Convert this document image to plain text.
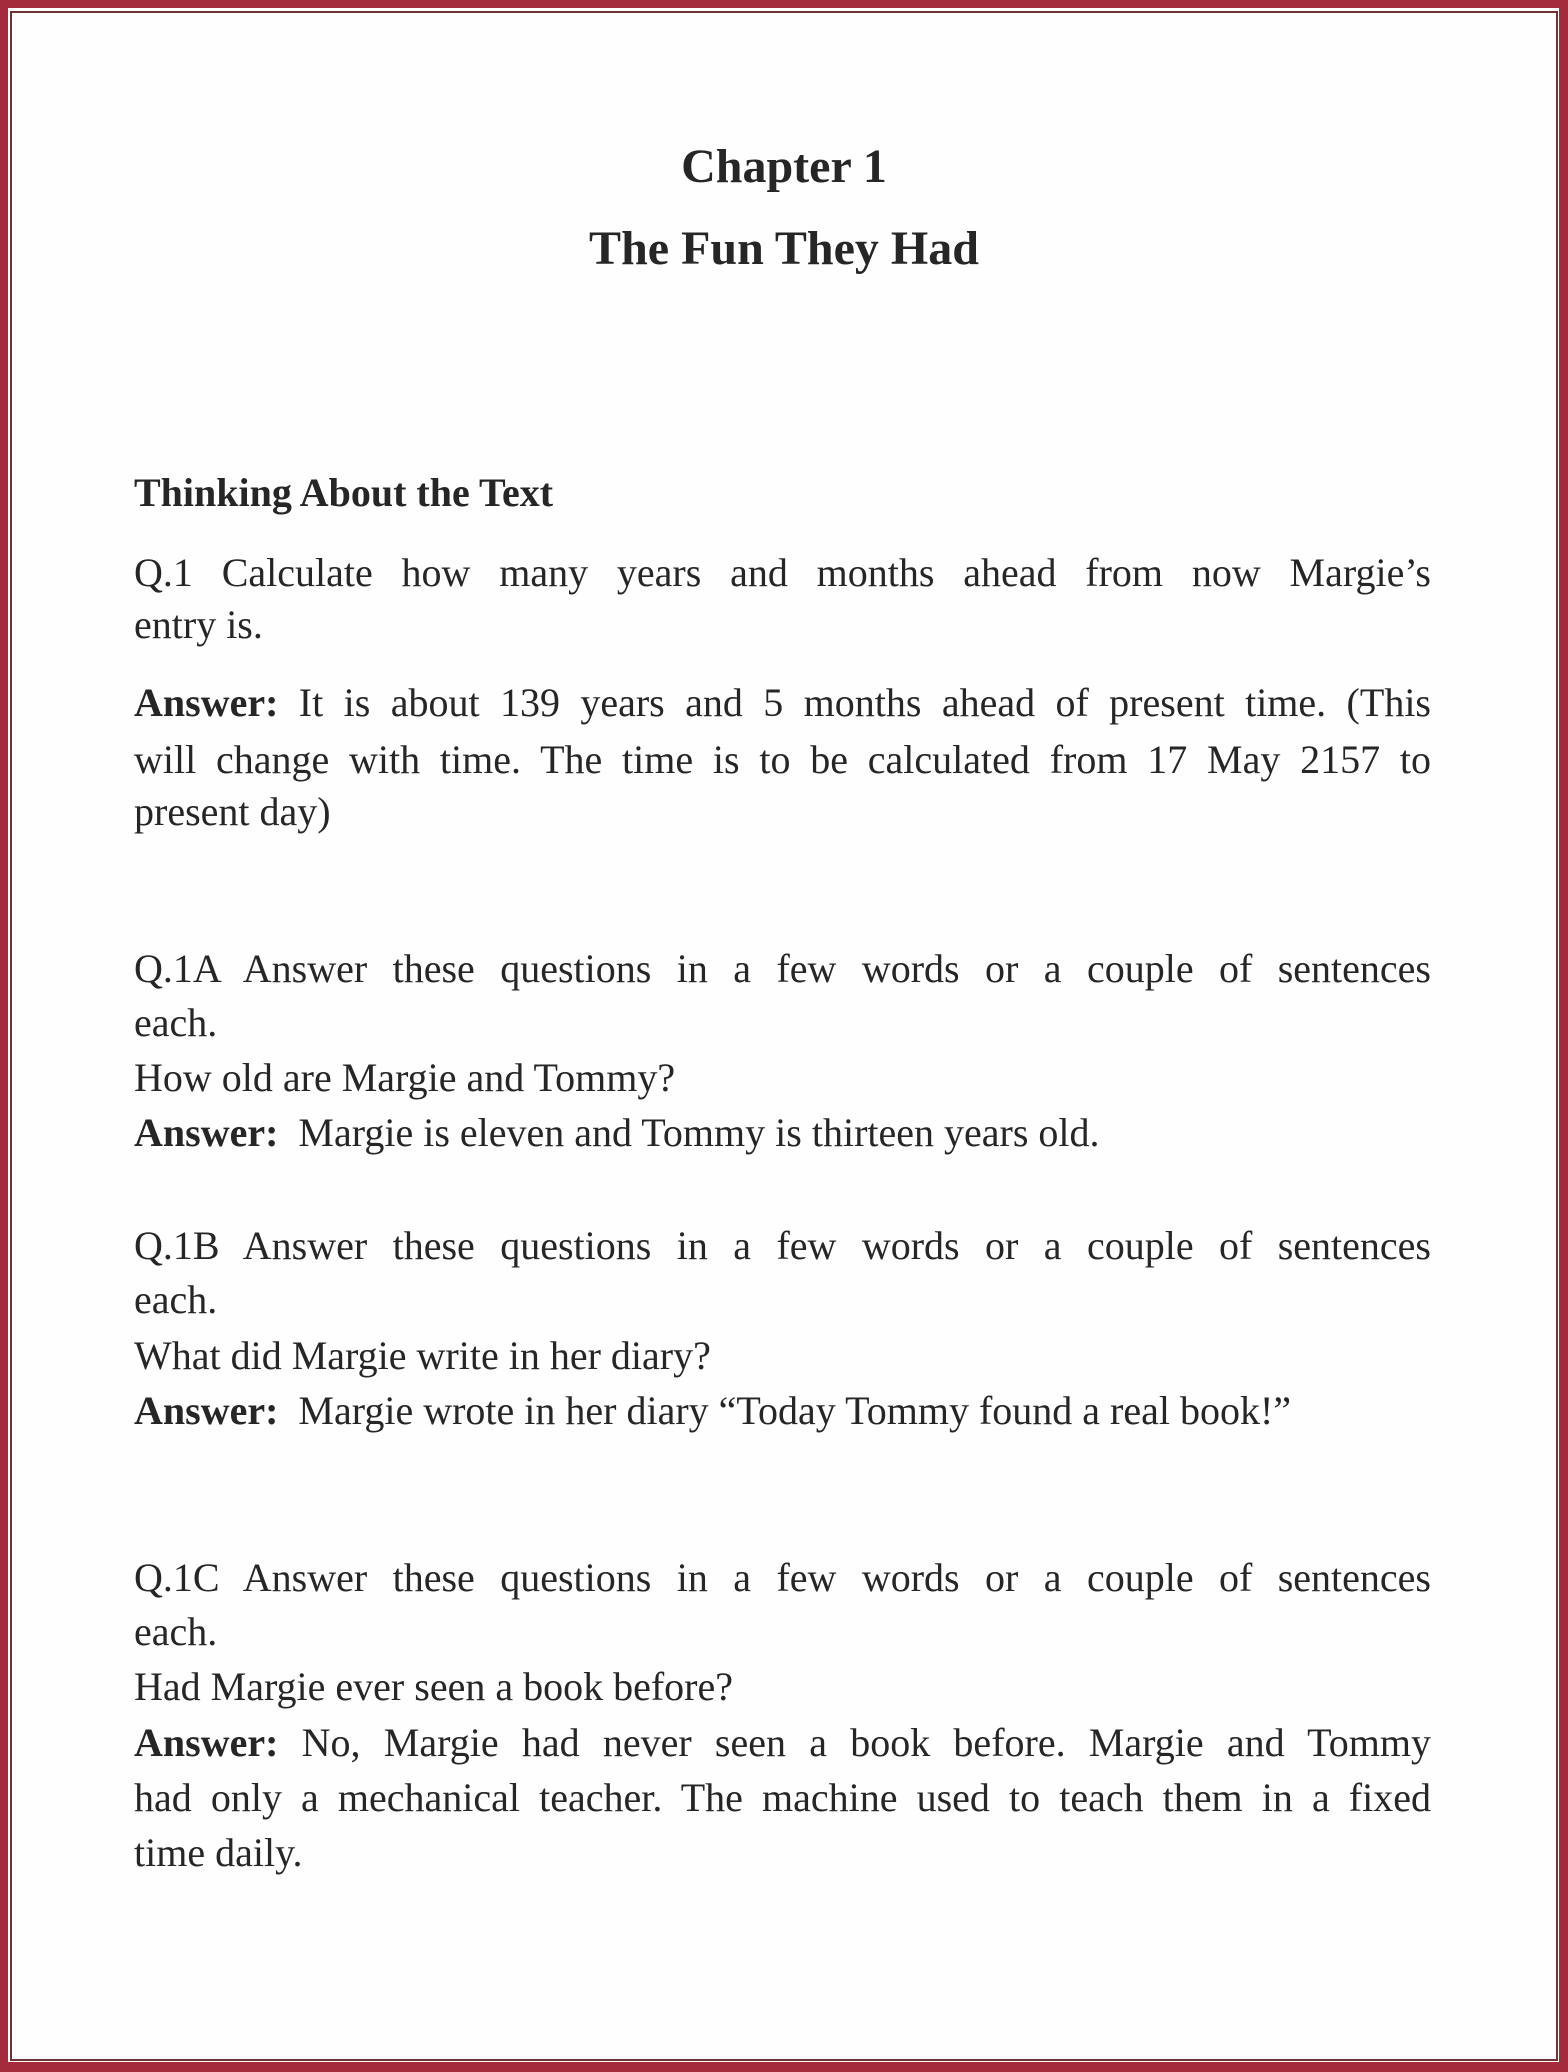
Chapter 1
The Fun They Had
Thinking About the Text
Q.1 Calculate how many years and months ahead from now Margie’s
entry is.
Answer: It is about 139 years and 5 months ahead of present time. (This
will change with time. The time is to be calculated from 17 May 2157 to
present day)
Q.1A Answer these questions in a few words or a couple of sentences
each.
How old are Margie and Tommy?
Answer:  Margie is eleven and Tommy is thirteen years old.
Q.1B Answer these questions in a few words or a couple of sentences
each.
What did Margie write in her diary?
Answer:  Margie wrote in her diary “Today Tommy found a real book!”
Q.1C Answer these questions in a few words or a couple of sentences
each.
Had Margie ever seen a book before?
Answer: No, Margie had never seen a book before. Margie and Tommy
had only a mechanical teacher. The machine used to teach them in a fixed
time daily.
